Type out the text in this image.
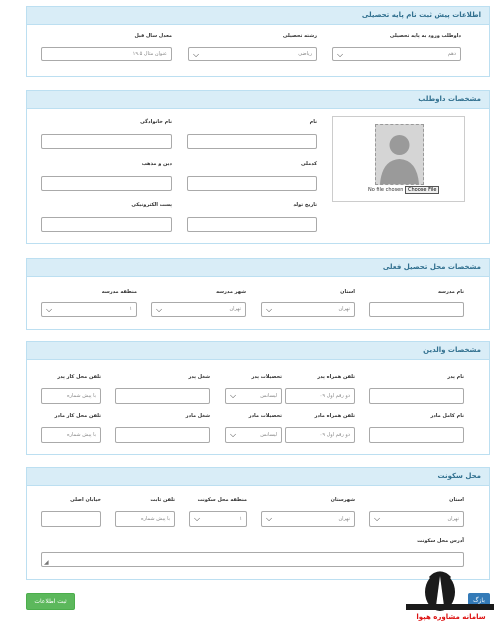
اطلاعات پیش ثبت نام پایه تحصیلی
داوطلب ورود به پایه تحصیلی
دهم
⌵
رشته تحصیلی
ریاضی
⌵
معدل سال قبل
عنوان مثال ۱۹.۵
مشخصات داوطلب
No file chosen Choose File
نام
نام خانوادگی
کدملی
دین و مذهب
تاریخ تولد
پست الکترونیکی
مشخصات محل تحصیل فعلی
نام مدرسه
استان
تهران
⌵
شهر مدرسه
تهران
⌵
منطقه مدرسه
۱
⌵
مشخصات والدین
نام پدر
تلفن همراه پدر
دو رقم اول ۰۹
تحصیلات پدر
لیسانس
⌵
شغل پدر
تلفن محل کار پدر
با پیش شماره
نام کامل مادر
تلفن همراه مادر
دو رقم اول ۰۹
تحصیلات مادر
لیسانس
⌵
شغل مادر
تلفن محل کار مادر
با پیش شماره
محل سکونت
استان
تهران
⌵
شهرستان
تهران
⌵
منطقه محل سکونت
۱
⌵
تلفن ثابت
با پیش شماره
خیابان اصلی
آدرس محل سکونت
◢
ثبت اطلاعات	بازگ
سامانه مشاوره هپوا
